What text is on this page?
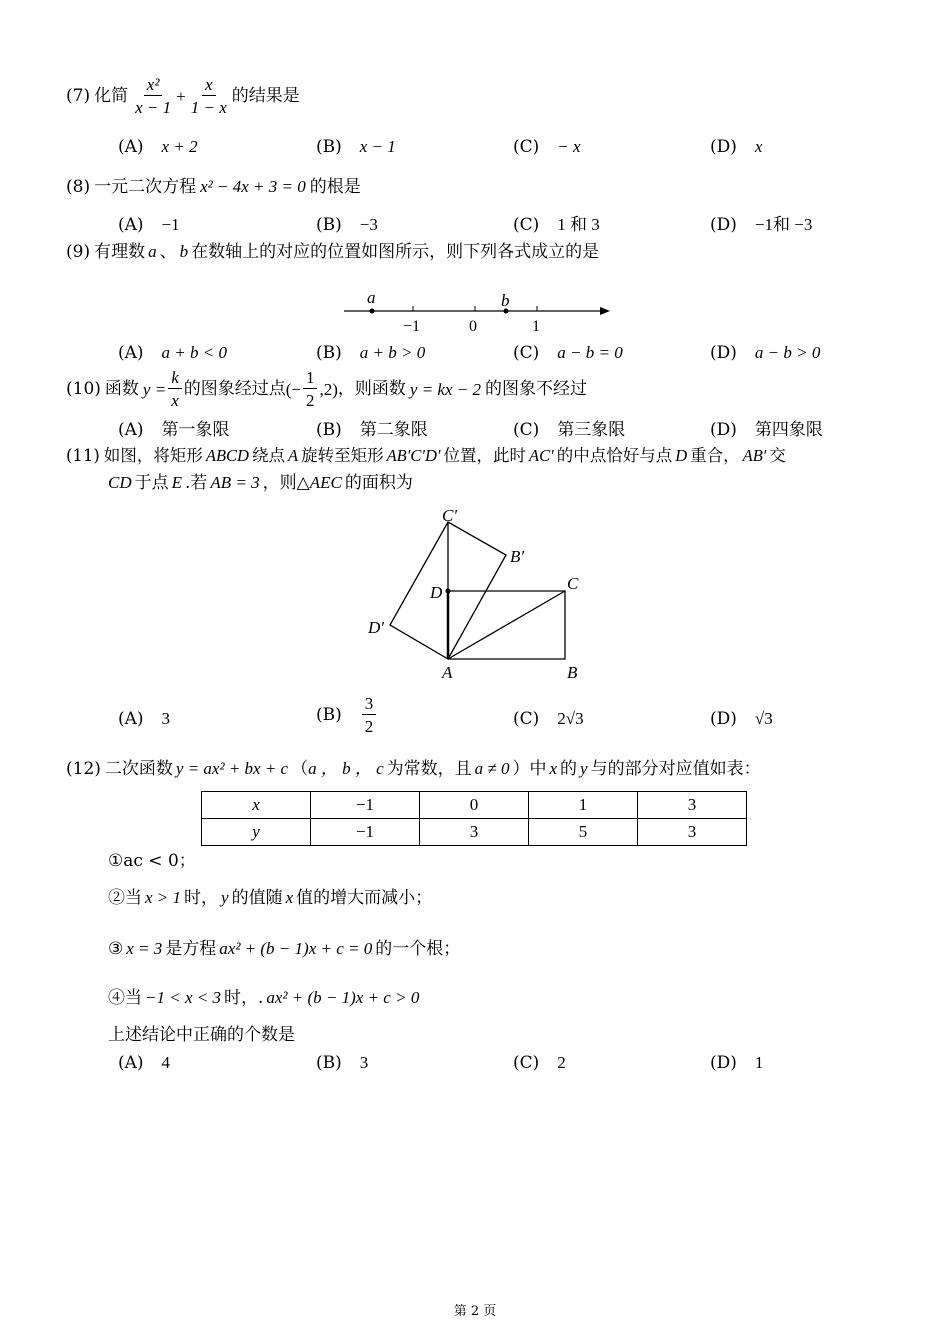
(7) 化简 $\frac{\text{x²}}{x - 1} + \frac{x}{1 - x}$ 的结果是
(A) x + 2	(B) x − 1	(C) − x	(D) x
(8) 一元二次方程 x² − 4x + 3 = 0 的根是
(A) −1	(B) −3	(C) 1 和 3	(D) −1和 −3
(9) 有理数 a 、 b 在数轴上的对应的位置如图所示，则下列各式成立的是
a	b
−1	0	1
(A) a + b < 0	(B) a + b > 0	(C) a − b = 0	(D) a − b > 0
(10) 函数 $y = \frac{k}{x}$ 的图象经过点 (− $\frac{1}{2} ,2$) ，则函数 y = kx − 2 的图象不经过
(A) 第一象限	(B) 第二象限	(C) 第三象限	(D) 第四象限
(11) 如图，将矩形 ABCD 绕点 A 旋转至矩形 AB′C′D′ 位置，此时 AC′ 的中点恰好与点 D 重合， AB′ 交
CD 于点 E .若 AB = 3 ，则△AEC 的面积为
C′
B′
C
D
D′
A	B
(A) 3	$(B) \frac{3}{2}$	(C) 2√3	(D) √3
(12) 二次函数 y = ax² + bx + c （a ， b ， c 为常数，且 a ≠ 0 ）中 x 的 y 与的部分对应值如表：
x	−1	0	1	3
y	−1	3	5	3
①ac < 0；
②当 x > 1 时， y 的值随 x 值的增大而减小；
③ x = 3 是方程 ax² + (b − 1)x + c = 0 的一个根；
④当 −1 < x < 3 时，. ax² + (b − 1)x + c > 0
上述结论中正确的个数是
(A) 4	(B) 3	(C) 2	(D) 1
第 2 页
